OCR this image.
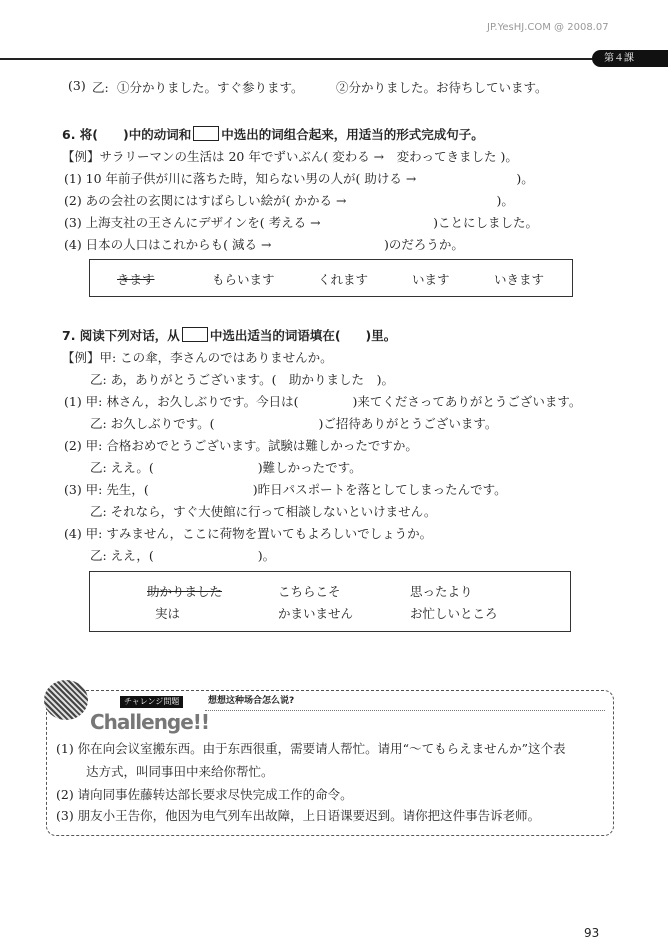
JP.YesHJ.COM @ 2008.07
第４課
(3) 乙: ①分かりました。すぐ参ります。	②分かりました。お待ちしています。
6. 将(　　)中的动词和 中选出的词组合起来，用适当的形式完成句子。
【例】サラリーマンの生活は 20 年でずいぶん( 変わる →　変わってきました )。
(1) 10 年前子供が川に落ちた時，知らない男の人が( 助ける →　　　　　　　　)。
(2) あの会社の玄関にはすばらしい絵が( かかる →　　　　　　　　　　　　)。
(3) 上海支社の王さんにデザインを( 考える →　　　　　　　　　)ことにしました。
(4) 日本の人口はこれからも( 減る →　　　　　　　　　)のだろうか。
きます	もらいます	くれます	います	いきます
7. 阅读下列对话，从 中选出适当的词语填在(　　)里。
【例】甲: この傘，李さんのではありませんか。
乙: あ，ありがとうございます。(　助かりました　)。
(1) 甲: 林さん，お久しぶりです。今日は(　　　　 )来てくださってありがとうございます。
乙: お久しぶりです。(　　　　　　　　 )ご招待ありがとうございます。
(2) 甲: 合格おめでとうございます。試験は難しかったですか。
乙: ええ。(　　　　　　　　 )難しかったです。
(3) 甲: 先生，(　　　　　　　　 )昨日パスポートを落としてしまったんです。
乙: それなら，すぐ大使館に行って相談しないといけません。
(4) 甲: すみません，ここに荷物を置いてもよろしいでしょうか。
乙: ええ，(　　　　　　　　 )。
助かりました	こちらこそ	思ったより
実は	かまいません	お忙しいところ
チャレンジ問題
Challenge!!
想想这种场合怎么说?
(1) 你在向会议室搬东西。由于东西很重，需要请人帮忙。请用“～てもらえませんか”这个表
达方式，叫同事田中来给你帮忙。
(2) 请向同事佐藤转达部长要求尽快完成工作的命令。
(3) 朋友小王告你，他因为电气列车出故障，上日语课要迟到。请你把这件事告诉老师。
93
